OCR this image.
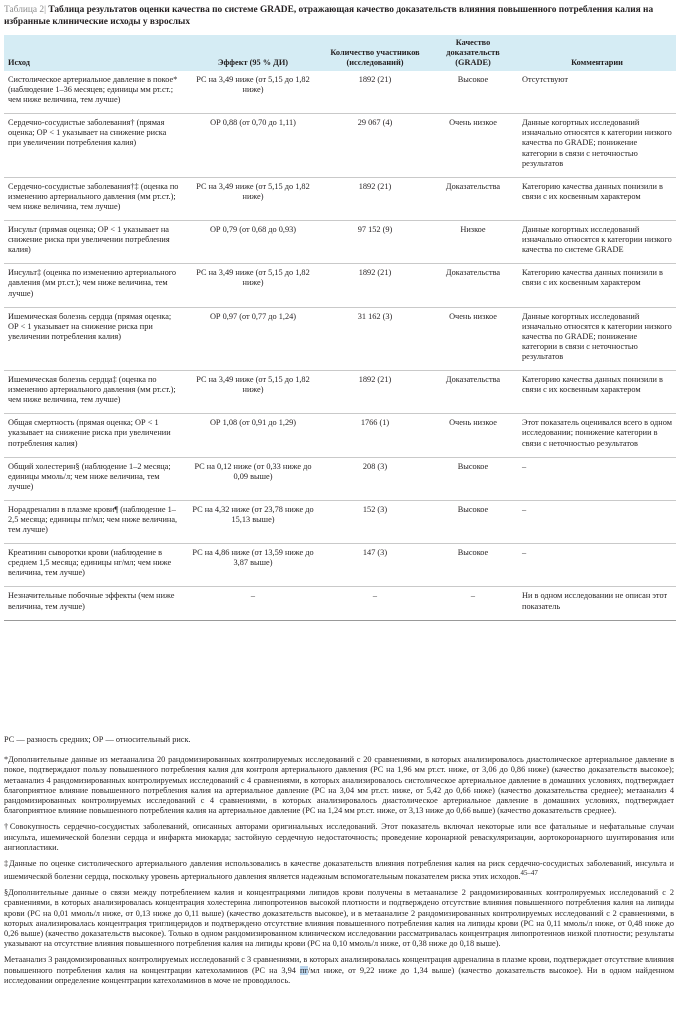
Таблица 2| Таблица результатов оценки качества по системе GRADE, отражающая качество доказательств влияния повышенного потребления калия на избранные клинические исходы у взрослых
Исход	Эффект (95 % ДИ)	Количество участников (исследований)	Качество доказательств (GRADE)	Комментарии
Систолическое артериальное давление в покое* (наблюдение 1–36 месяцев; единицы мм рт.ст.; чем ниже величина, тем лучше)	РС на 3,49 ниже (от 5,15 до 1,82 ниже)	1892 (21)	Высокое	Отсутствуют
Сердечно-сосудистые заболевания† (прямая оценка; ОР < 1 указывает на снижение риска при увеличении потребления калия)	ОР 0,88 (от 0,70 до 1,11)	29 067 (4)	Очень низкое	Данные когортных исследований изначально относятся к категории низкого качества по GRADE; понижение категории в связи с неточностью результатов
Сердечно-сосудистые заболевания†‡ (оценка по изменению артериального давления (мм рт.ст.); чем ниже величина, тем лучше)	РС на 3,49 ниже (от 5,15 до 1,82 ниже)	1892 (21)	Доказательства	Категорию качества данных понизили в связи с их косвенным характером
Инсульт (прямая оценка; ОР < 1 указывает на снижение риска при увеличении потребления калия)	ОР 0,79 (от 0,68 до 0,93)	97 152 (9)	Низкое	Данные когортных исследований изначально относятся к категории низкого качества по системе GRADE
Инсульт‡ (оценка по изменению артериального давления (мм рт.ст.); чем ниже величина, тем лучше)	РС на 3,49 ниже (от 5,15 до 1,82 ниже)	1892 (21)	Доказательства	Категорию качества данных понизили в связи с их косвенным характером
Ишемическая болезнь сердца (прямая оценка; ОР < 1 указывает на снижение риска при увеличении потребления калия)	ОР 0,97 (от 0,77 до 1,24)	31 162 (3)	Очень низкое	Данные когортных исследований изначально относятся к категории низкого качества по GRADE; понижение категории в связи с неточностью результатов
Ишемическая болезнь сердца‡ (оценка по изменению артериального давления (мм рт.ст.); чем ниже величина, тем лучше)	РС на 3,49 ниже (от 5,15 до 1,82 ниже)	1892 (21)	Доказательства	Категорию качества данных понизили в связи с их косвенным характером
Общая смертность (прямая оценка; ОР < 1 указывает на снижение риска при увеличении потребления калия)	ОР 1,08 (от 0,91 до 1,29)	1766 (1)	Очень низкое	Этот показатель оценивался всего в одном исследовании; понижение категории в связи с неточностью результатов
Общий холестерин§ (наблюдение 1–2 месяца; единицы ммоль/л; чем ниже величина, тем лучше)	РС на 0,12 ниже (от 0,33 ниже до 0,09 выше)	208 (3)	Высокое	–
Норадреналин в плазме крови¶ (наблюдение 1–2,5 месяца; единицы пг/мл; чем ниже величина, тем лучше)	РС на 4,32 ниже (от 23,78 ниже до 15,13 выше)	152 (3)	Высокое	–
Креатинин сыворотки крови (наблюдение в среднем 1,5 месяца; единицы нг/мл; чем ниже величина, тем лучше)	РС на 4,86 ниже (от 13,59 ниже до 3,87 выше)	147 (3)	Высокое	–
Незначительные побочные эффекты (чем ниже величина, тем лучше)	–	–	–	Ни в одном исследовании не описан этот показатель

РС — разность средних; ОР — относительный риск.

*Дополнительные данные из метаанализа 20 рандомизированных контролируемых исследований с 20 сравнениями, в которых анализировалось диастолическое артериальное давление в покое, подтверждают пользу повышенного потребления калия для контроля артериального давления (РС на 1,96 мм рт.ст. ниже, от 3,06 до 0,86 ниже) (качество доказательств высокое); метаанализ 4 рандомизированных контролируемых исследований с 4 сравнениями, в которых анализировалось систолическое артериальное давление в домашних условиях, подтверждает благоприятное влияние повышенного потребления калия на артериальное давление (РС на 3,04 мм рт.ст. ниже, от 5,42 до 0,66 ниже) (качество доказательства среднее); метаанализ 4 рандомизированных контролируемых исследований с 4 сравнениями, в которых анализировалось диастолическое артериальное давление в домашних условиях, подтверждает благоприятное влияние повышенного потребления калия на артериальное давление (РС на 1,24 мм рт.ст. ниже, от 3,13 ниже до 0,66 выше) (качество доказательств среднее).

†Совокупность сердечно-сосудистых заболеваний, описанных авторами оригинальных исследований. Этот показатель включал некоторые или все фатальные и нефатальные случаи инсульта, ишемической болезни сердца и инфаркта миокарда; застойную сердечную недостаточность; проведение коронарной реваскуляризации, аортокоронарного шунтирования или ангиопластики.

‡Данные по оценке систолического артериального давления использовались в качестве доказательств влияния потребления калия на риск сердечно-сосудистых заболеваний, инсульта и ишемической болезни сердца, поскольку уровень артериального давления является надежным вспомогательным показателем риска этих исходов.$^{45-47}$

§Дополнительные данные о связи между потреблением калия и концентрациями липидов крови получены в метаанализе 2 рандомизированных контролируемых исследований с 2 сравнениями, в которых анализировалась концентрация холестерина липопротеинов высокой плотности и подтверждено отсутствие влияния повышенного потребления калия на липиды крови (РС на 0,01 ммоль/л ниже, от 0,13 ниже до 0,11 выше) (качество доказательств высокое), и в метаанализе 2 рандомизированных контролируемых исследований с 2 сравнениями, в которых анализировалась концентрация триглицеридов и подтверждено отсутствие влияния повышенного потребления калия на липиды крови (РС на 0,11 ммоль/л ниже, от 0,48 ниже до 0,26 выше) (качество доказательств высокое). Только в одном рандомизированном клиническом исследовании рассматривалась концентрация липопротеинов низкой плотности; результаты указывают на отсутствие влияния повышенного потребления калия на липиды крови (РС на 0,10 ммоль/л ниже, от 0,38 ниже до 0,18 выше).

Метаанализ 3 рандомизированных контролируемых исследований с 3 сравнениями, в которых анализировалась концентрация адреналина в плазме крови, подтверждает отсутствие влияния повышенного потребления калия на концентрации катехоламинов (РС на 3,94 пг/мл ниже, от 9,22 ниже до 1,34 выше) (качество доказательств высокое). Ни в одном найденном исследовании определение концентрации катехоламинов в моче не проводилось.
